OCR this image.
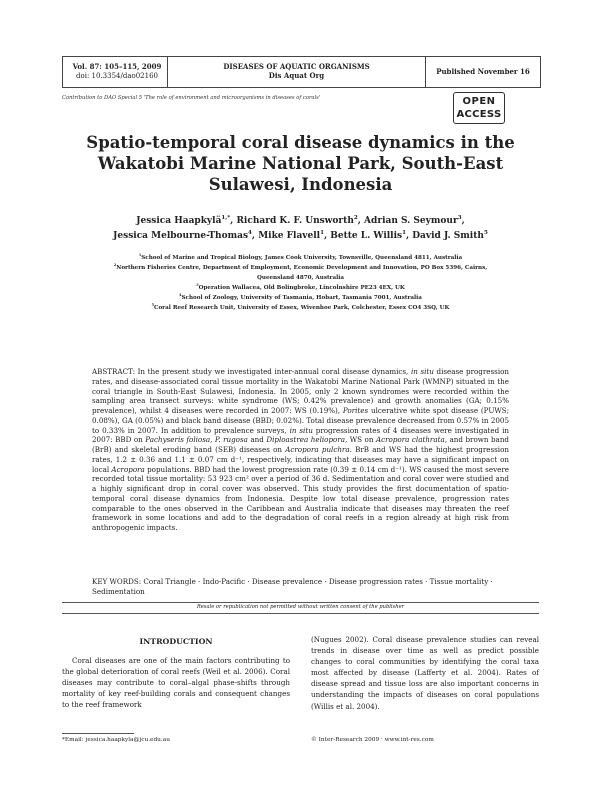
Vol. 87: 105–115, 2009
doi: 10.3354/dao02160
DISEASES OF AQUATIC ORGANISMS
Dis Aquat Org	Published November 16
Contribution to DAO Special 5 'The role of environment and microorganisms in diseases of corals'	OPEN
ACCESS
Spatio-temporal coral disease dynamics in the Wakatobi Marine National Park, South-East Sulawesi, Indonesia
Jessica Haapkylä$^{1,*}$, Richard K. F. Unsworth$^2$, Adrian S. Seymour$^3$,
Jessica Melbourne-Thomas$^4$, Mike Flavell$^1$, Bette L. Willis$^1$, David J. Smith$^5$
$^1$School of Marine and Tropical Biology, James Cook University, Townsville, Queensland 4811, Australia
$^2$Northern Fisheries Centre, Department of Employment, Economic Development and Innovation, PO Box 5396, Cairns, Queensland 4870, Australia
$^3$Operation Wallacea, Old Bolingbroke, Lincolnshire PE23 4EX, UK
$^4$School of Zoology, University of Tasmania, Hobart, Tasmania 7001, Australia
$^5$Coral Reef Research Unit, University of Essex, Wivenhoe Park, Colchester, Essex CO4 3SQ, UK
ABSTRACT: In the present study we investigated inter-annual coral disease dynamics, in situ disease progression rates, and disease-associated coral tissue mortality in the Wakatobi Marine National Park (WMNP) situated in the coral triangle in South-East Sulawesi, Indonesia. In 2005, only 2 known syndromes were recorded within the sampling area transect surveys: white syndrome (WS; 0.42% prevalence) and growth anomalies (GA; 0.15% prevalence), whilst 4 diseases were recorded in 2007: WS (0.19%), Porites ulcerative white spot disease (PUWS; 0.08%), GA (0.05%) and black band disease (BBD; 0.02%). Total disease prevalence decreased from 0.57% in 2005 to 0.33% in 2007. In addition to prevalence surveys, in situ progression rates of 4 diseases were investigated in 2007: BBD on Pachyseris foliosa, P. rugosa and Diploastrea heliopora, WS on Acropora clathrata, and brown band (BrB) and skeletal eroding band (SEB) diseases on Acropora pulchra. BrB and WS had the highest progression rates, 1.2 ± 0.36 and 1.1 ± 0.07 cm d⁻¹, respectively, indicating that diseases may have a significant impact on local Acropora populations. BBD had the lowest progression rate (0.39 ± 0.14 cm d⁻¹). WS caused the most severe recorded total tissue mortality: 53 923 cm² over a period of 36 d. Sedimentation and coral cover were studied and a highly significant drop in coral cover was observed. This study provides the first documentation of spatio-temporal coral disease dynamics from Indonesia. Despite low total disease prevalence, progression rates comparable to the ones observed in the Caribbean and Australia indicate that diseases may threaten the reef framework in some locations and add to the degradation of coral reefs in a region already at high risk from anthropogenic impacts.
KEY WORDS: Coral Triangle · Indo-Pacific · Disease prevalence · Disease progression rates · Tissue mortality · Sedimentation
Resale or republication not permitted without written consent of the publisher
INTRODUCTION
Coral diseases are one of the main factors contributing to the global deterioration of coral reefs (Weil et al. 2006). Coral diseases may contribute to coral–algal phase-shifts through mortality of key reef-building corals and consequent changes to the reef framework
(Nugues 2002). Coral disease prevalence studies can reveal trends in disease over time as well as predict possible changes to coral communities by identifying the coral taxa most affected by disease (Lafferty et al. 2004). Rates of disease spread and tissue loss are also important concerns in understanding the impacts of diseases on coral populations (Willis et al. 2004).
*Email: jessica.haapkyla@jcu.edu.au	© Inter-Research 2009 · www.int-res.com
